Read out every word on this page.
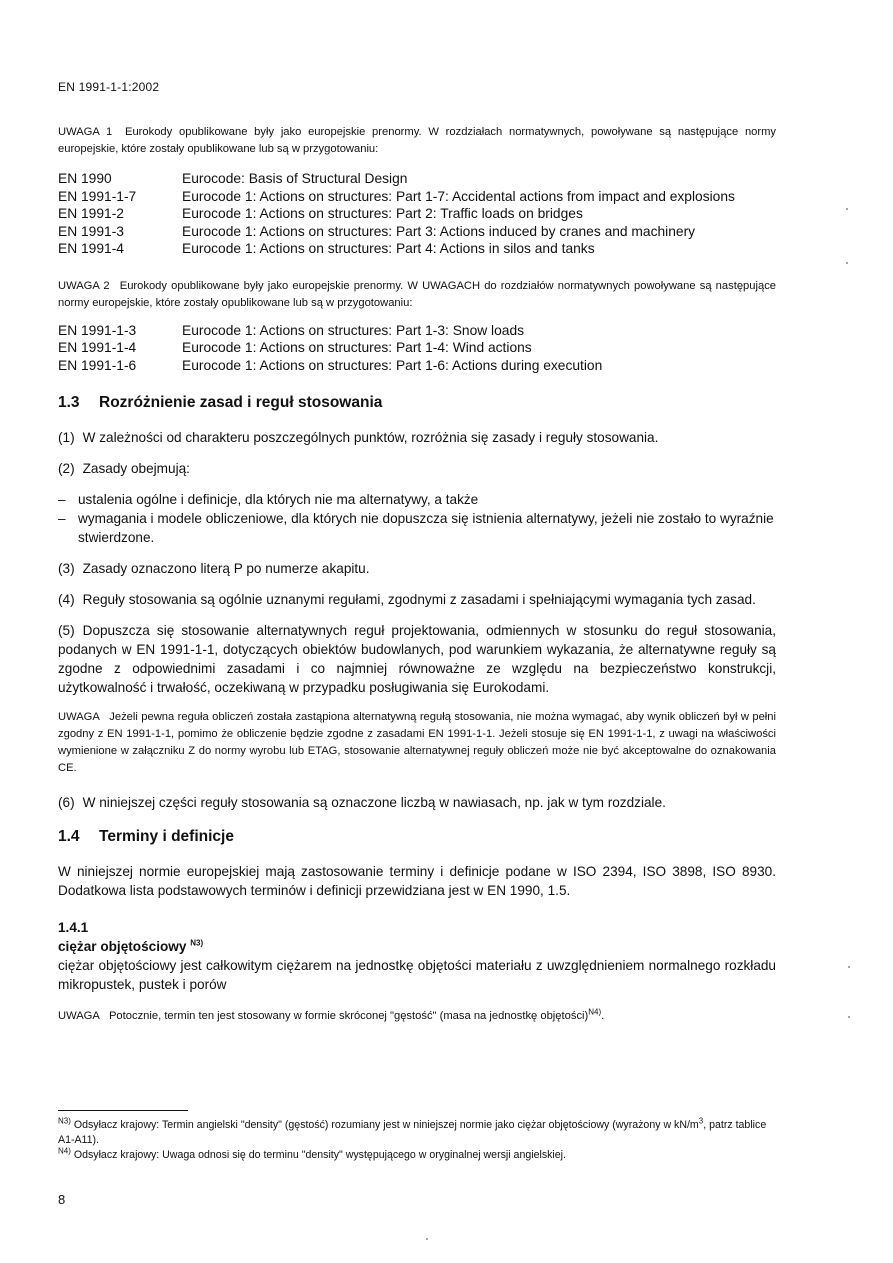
EN 1991-1-1:2002
UWAGA 1 Eurokody opublikowane były jako europejskie prenormy. W rozdziałach normatywnych, powoływane są następujące normy europejskie, które zostały opublikowane lub są w przygotowaniu:
EN 1990	Eurocode: Basis of Structural Design
EN 1991-1-7	Eurocode 1: Actions on structures: Part 1-7: Accidental actions from impact and explosions
EN 1991-2	Eurocode 1: Actions on structures: Part 2: Traffic loads on bridges
EN 1991-3	Eurocode 1: Actions on structures: Part 3: Actions induced by cranes and machinery
EN 1991-4	Eurocode 1: Actions on structures: Part 4: Actions in silos and tanks
UWAGA 2 Eurokody opublikowane były jako europejskie prenormy. W UWAGACH do rozdziałów normatywnych powoływane są następujące normy europejskie, które zostały opublikowane lub są w przygotowaniu:
EN 1991-1-3	Eurocode 1: Actions on structures: Part 1-3: Snow loads
EN 1991-1-4	Eurocode 1: Actions on structures: Part 1-4: Wind actions
EN 1991-1-6	Eurocode 1: Actions on structures: Part 1-6: Actions during execution
1.3	Rozróżnienie zasad i reguł stosowania
(1) W zależności od charakteru poszczególnych punktów, rozróżnia się zasady i reguły stosowania.
(2) Zasady obejmują:
– ustalenia ogólne i definicje, dla których nie ma alternatywy, a także
– wymagania i modele obliczeniowe, dla których nie dopuszcza się istnienia alternatywy, jeżeli nie zostało to wyraźnie stwierdzone.
(3) Zasady oznaczono literą P po numerze akapitu.
(4) Reguły stosowania są ogólnie uznanymi regułami, zgodnymi z zasadami i spełniającymi wymagania tych zasad.
(5) Dopuszcza się stosowanie alternatywnych reguł projektowania, odmiennych w stosunku do reguł stosowania, podanych w EN 1991-1-1, dotyczących obiektów budowlanych, pod warunkiem wykazania, że alternatywne reguły są zgodne z odpowiednimi zasadami i co najmniej równoważne ze względu na bezpieczeństwo konstrukcji, użytkowalność i trwałość, oczekiwaną w przypadku posługiwania się Eurokodami.
UWAGA Jeżeli pewna reguła obliczeń została zastąpiona alternatywną regułą stosowania, nie można wymagać, aby wynik obliczeń był w pełni zgodny z EN 1991-1-1, pomimo że obliczenie będzie zgodne z zasadami EN 1991-1-1. Jeżeli stosuje się EN 1991-1-1, z uwagi na właściwości wymienione w załączniku Z do normy wyrobu lub ETAG, stosowanie alternatywnej reguły obliczeń może nie być akceptowalne do oznakowania CE.
(6) W niniejszej części reguły stosowania są oznaczone liczbą w nawiasach, np. jak w tym rozdziale.
1.4	Terminy i definicje
W niniejszej normie europejskiej mają zastosowanie terminy i definicje podane w ISO 2394, ISO 3898, ISO 8930. Dodatkowa lista podstawowych terminów i definicji przewidziana jest w EN 1990, 1.5.
1.4.1
ciężar objętościowy $^{N3)}$
ciężar objętościowy jest całkowitym ciężarem na jednostkę objętości materiału z uwzględnieniem normalnego rozkładu mikropustek, pustek i porów
UWAGA Potocznie, termin ten jest stosowany w formie skróconej "gęstość" (masa na jednostkę objętości)$^{N4)}$.
$^{N3)}$ Odsyłacz krajowy: Termin angielski "density" (gęstość) rozumiany jest w niniejszej normie jako ciężar objętościowy (wyrażony w $kN/m^3$, patrz tablice A1-A11).
$^{N4)}$ Odsyłacz krajowy: Uwaga odnosi się do terminu "density" występującego w oryginalnej wersji angielskiej.
8
